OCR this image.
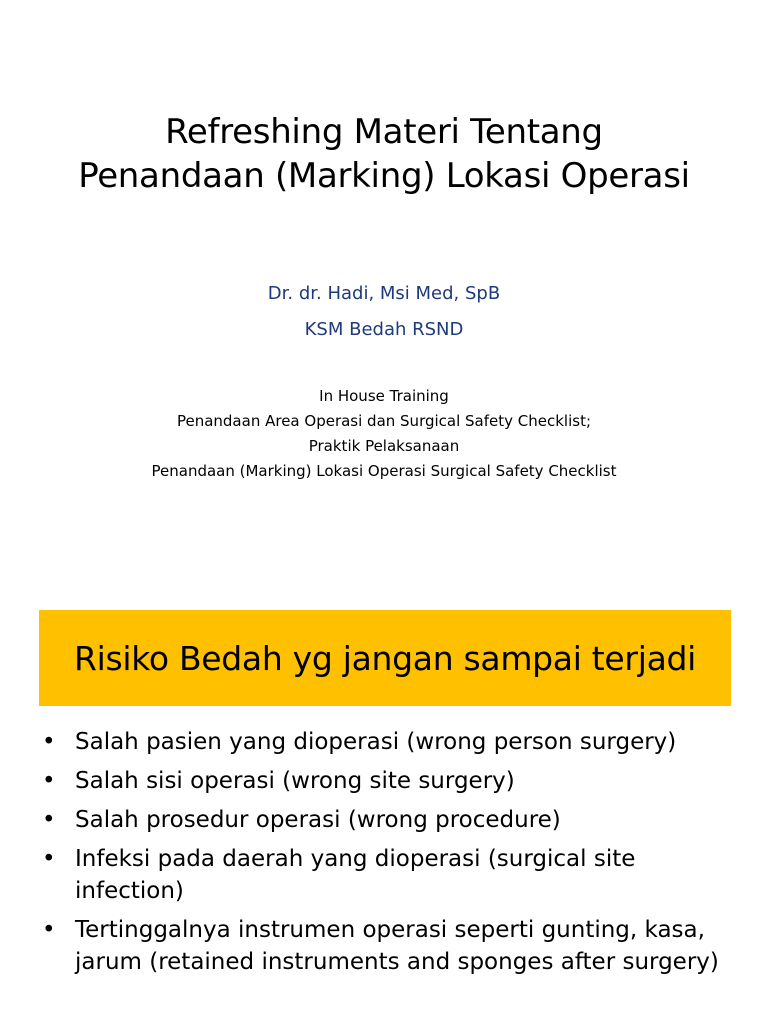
Refreshing Materi Tentang
Penandaan (Marking) Lokasi Operasi
Dr. dr. Hadi, Msi Med, SpB
KSM Bedah RSND
In House Training
Penandaan Area Operasi dan Surgical Safety Checklist;
Praktik Pelaksanaan
Penandaan (Marking) Lokasi Operasi Surgical Safety Checklist
Risiko Bedah yg jangan sampai terjadi
• Salah pasien yang dioperasi (wrong person surgery)
• Salah sisi operasi (wrong site surgery)
• Salah prosedur operasi (wrong procedure)
• Infeksi pada daerah yang dioperasi (surgical site infection)
• Tertinggalnya instrumen operasi seperti gunting, kasa, jarum (retained instruments and sponges after surgery)
